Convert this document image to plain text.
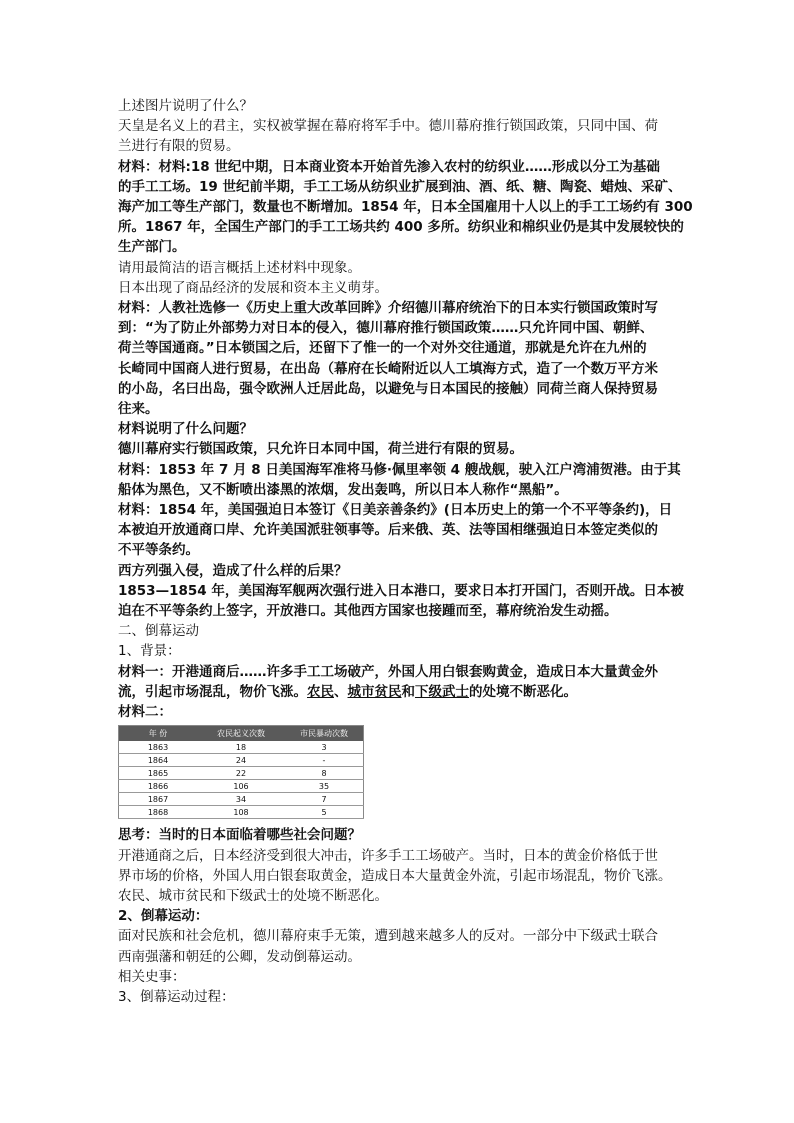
上述图片说明了什么？
天皇是名义上的君主，实权被掌握在幕府将军手中。德川幕府推行锁国政策，只同中国、荷
兰进行有限的贸易。
材料：材料:18 世纪中期，日本商业资本开始首先渗入农村的纺织业……形成以分工为基础
的手工工场。19 世纪前半期，手工工场从纺织业扩展到油、酒、纸、糖、陶瓷、蜡烛、采矿、
海产加工等生产部门，数量也不断增加。1854 年，日本全国雇用十人以上的手工工场约有 300
所。1867 年，全国生产部门的手工工场共约 400 多所。纺织业和棉织业仍是其中发展较快的
生产部门。
请用最简洁的语言概括上述材料中现象。
日本出现了商品经济的发展和资本主义萌芽。
材料：人教社选修一《历史上重大改革回眸》介绍德川幕府统治下的日本实行锁国政策时写
到：“为了防止外部势力对日本的侵入，德川幕府推行锁国政策……只允许同中国、朝鲜、
荷兰等国通商。”日本锁国之后，还留下了惟一的一个对外交往通道，那就是允许在九州的
长崎同中国商人进行贸易，在出岛（幕府在长崎附近以人工填海方式，造了一个数万平方米
的小岛，名曰出岛，强令欧洲人迁居此岛，以避免与日本国民的接触）同荷兰商人保持贸易
往来。
材料说明了什么问题？
德川幕府实行锁国政策，只允许日本同中国，荷兰进行有限的贸易。
材料：1853 年 7 月 8 日美国海军准将马修·佩里率领 4 艘战舰，驶入江户湾浦贺港。由于其
船体为黑色，又不断喷出漆黑的浓烟，发出轰鸣，所以日本人称作“黑船”。
材料：1854 年，美国强迫日本签订《日美亲善条约》(日本历史上的第一个不平等条约)，日
本被迫开放通商口岸、允许美国派驻领事等。后来俄、英、法等国相继强迫日本签定类似的
不平等条约。
西方列强入侵，造成了什么样的后果？
1853—1854 年，美国海军舰两次强行进入日本港口，要求日本打开国门，否则开战。日本被
迫在不平等条约上签字，开放港口。其他西方国家也接踵而至，幕府统治发生动摇。
二、倒幕运动
1、背景：
材料一：开港通商后……许多手工工场破产，外国人用白银套购黄金，造成日本大量黄金外
流，引起市场混乱，物价飞涨。农民、城市贫民和下级武士的处境不断恶化。
材料二：
年 份	农民起义次数	市民暴动次数
1863	18	3
1864	24	-
1865	22	8
1866	106	35
1867	34	7
1868	108	5
思考：当时的日本面临着哪些社会问题？
开港通商之后，日本经济受到很大冲击，许多手工工场破产。当时，日本的黄金价格低于世
界市场的价格，外国人用白银套取黄金，造成日本大量黄金外流，引起市场混乱，物价飞涨。
农民、城市贫民和下级武士的处境不断恶化。
2、倒幕运动：
面对民族和社会危机，德川幕府束手无策，遭到越来越多人的反对。一部分中下级武士联合
西南强藩和朝廷的公卿，发动倒幕运动。
相关史事：
3、倒幕运动过程：
